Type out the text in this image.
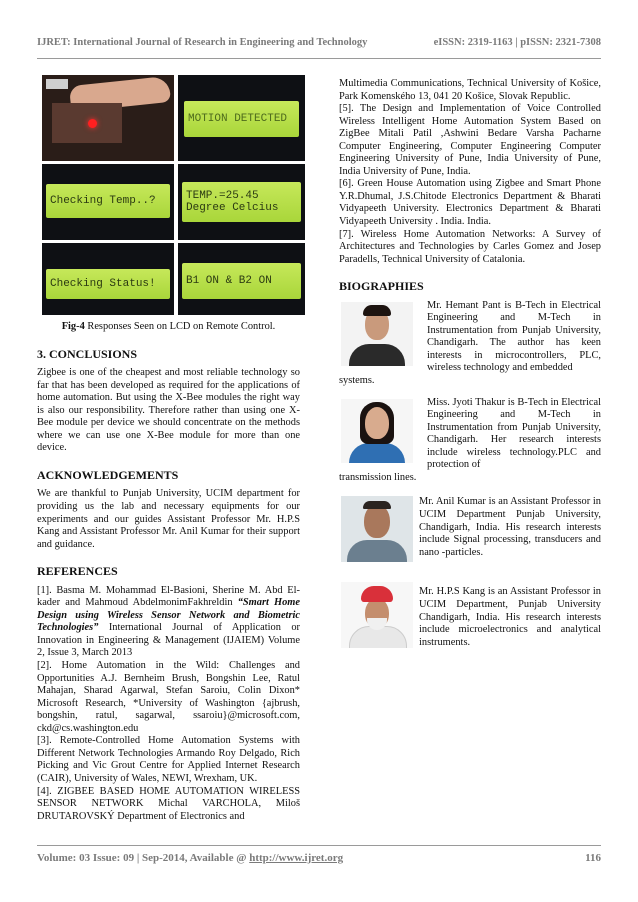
IJRET: International Journal of Research in Engineering and Technology	eISSN: 2319-1163 | pISSN: 2321-7308
MOTION DETECTED
Checking Temp..?	TEMP.=25.45
Degree Celcius
Checking Status!	B1 ON & B2 ON
Fig-4 Responses Seen on LCD on Remote Control.
3. CONCLUSIONS

Zigbee is one of the cheapest and most reliable technology so far that has been developed as required for the applications of home automation. But using the X-Bee modules the right way is also our responsibility. Therefore rather than using one X-Bee module per device we should concentrate on the methods where we can use one X-Bee module for more than one device.

ACKNOWLEDGEMENTS

We are thankful to Punjab University, UCIM department for providing us the lab and necessary equipments for our experiments and our guides Assistant Professor Mr. H.P.S Kang and Assistant Professor Mr. Anil Kumar for their support and guidance.

REFERENCES

[1]. Basma M. Mohammad El-Basioni, Sherine M. Abd El-kader and Mahmoud AbdelmonimFakhreldin “Smart Home Design using Wireless Sensor Network and Biometric Technologies” International Journal of Application or Innovation in Engineering & Management (IJAIEM) Volume 2, Issue 3, March 2013

[2]. Home Automation in the Wild: Challenges and Opportunities A.J. Bernheim Brush, Bongshin Lee, Ratul Mahajan, Sharad Agarwal, Stefan Saroiu, Colin Dixon* Microsoft Research, *University of Washington {ajbrush, bongshin, ratul, sagarwal, ssaroiu}@microsoft.com, ckd@cs.washington.edu

[3]. Remote-Controlled Home Automation Systems with Different Network Technologies Armando Roy Delgado, Rich Picking and Vic Grout Centre for Applied Internet Research (CAIR), University of Wales, NEWI, Wrexham, UK.

[4]. ZIGBEE BASED HOME AUTOMATION WIRELESS SENSOR NETWORK Michal VARCHOLA, Miloš DRUTAROVSKÝ Department of Electronics and

Multimedia Communications, Technical University of Košice, Park Komenského 13, 041 20 Košice, Slovak Republic.

[5]. The Design and Implementation of Voice Controlled Wireless Intelligent Home Automation System Based on ZigBee Mitali Patil ,Ashwini Bedare Varsha Pacharne Computer Engineering, Computer Engineering Computer Engineering University of Pune, India University of Pune, India University of Pune, India.

[6]. Green House Automation using Zigbee and Smart Phone Y.R.Dhumal, J.S.Chitode Electronics Department & Bharati Vidyapeeth University. Electronics Department & Bharati Vidyapeeth University . India. India.

[7]. Wireless Home Automation Networks: A Survey of Architectures and Technologies by Carles Gomez and Josep Paradells, Technical University of Catalonia.

BIOGRAPHIES

Mr. Hemant Pant is B-Tech in Electrical Engineering and M-Tech in Instrumentation from Punjab University, Chandigarh. The author has keen interests in microcontrollers, PLC, wireless technology and embedded

systems.

Miss. Jyoti Thakur is B-Tech in Electrical Engineering and M-Tech in Instrumentation from Punjab University, Chandigarh. Her research interests include wireless technology.PLC and protection of

transmission lines.

Mr. Anil Kumar is an Assistant Professor in UCIM Department Punjab University, Chandigarh, India. His research interests include Signal processing, transducers and nano -particles.

Mr. H.P.S Kang is an Assistant Professor in UCIM Department, Punjab University Chandigarh, India. His research interests include microelectronics and analytical instruments.

Volume: 03 Issue: 09 | Sep-2014, Available @ http://www.ijret.org	116
